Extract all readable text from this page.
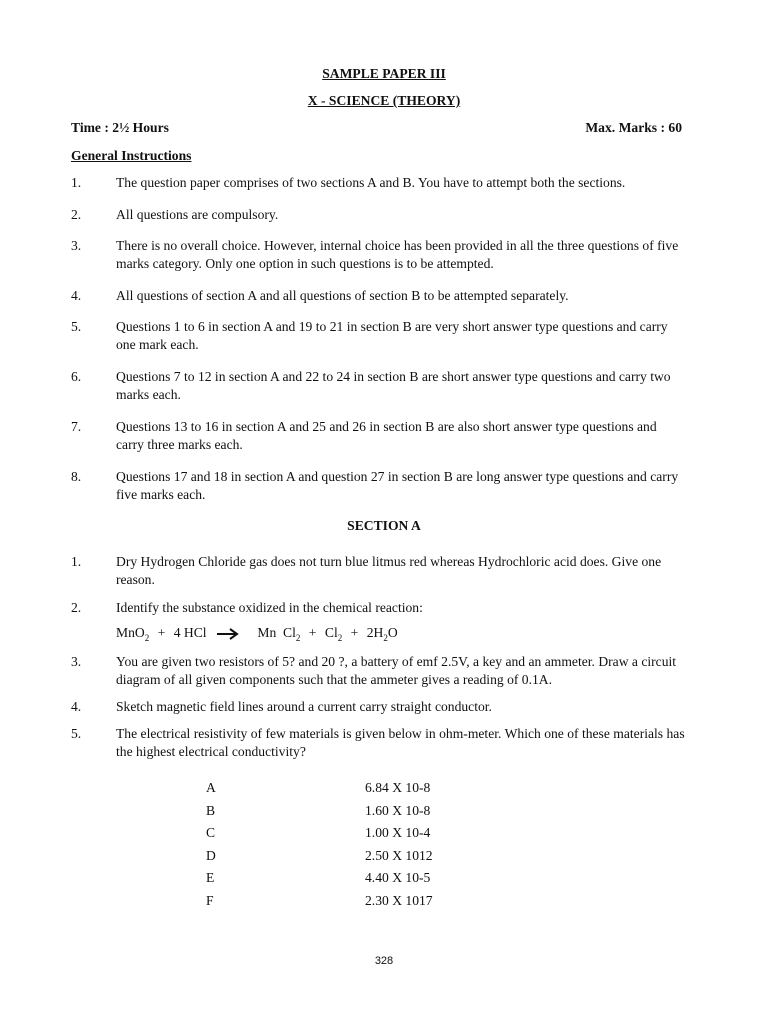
SAMPLE PAPER III
X - SCIENCE (THEORY)
Time : 2½ Hours	Max. Marks : 60
General Instructions
1.	The question paper comprises of two sections A and B. You have to attempt both the sections.
2.	All questions are compulsory.
3.	There is no overall choice. However, internal choice has been provided in all the three questions of five marks category. Only one option in such questions is to be attempted.
4.	All questions of section A and all questions of section B to be attempted separately.
5.	Questions 1 to 6 in section A and 19 to 21 in section B are very short answer type questions and carry one mark each.
6.	Questions 7 to 12 in section A and 22 to 24 in section B are short answer type questions and carry two marks each.
7.	Questions 13 to 16 in section A and 25 and 26 in section B are also short answer type questions and carry three marks each.
8.	Questions 17 and 18 in section A and question 27 in section B are long answer type questions and carry five marks each.
SECTION A
1.	Dry Hydrogen Chloride gas does not turn blue litmus red whereas Hydrochloric acid does. Give one reason.
2.	Identify the substance oxidized in the chemical reaction:
MnO2 + 4 HCl → Mn Cl2 + Cl2 + 2H2O
3.	You are given two resistors of 5? and 20 ?, a battery of emf 2.5V, a key and an ammeter. Draw a circuit diagram of all given components such that the ammeter gives a reading of 0.1A.
4.	Sketch magnetic field lines around a current carry straight conductor.
5.	The electrical resistivity of few materials is given below in ohm-meter. Which one of these materials has the highest electrical conductivity?
A	6.84 X 10-8
B	1.60 X 10-8
C	1.00 X 10-4
D	2.50 X 1012
E	4.40 X 10-5
F	2.30 X 1017
328
